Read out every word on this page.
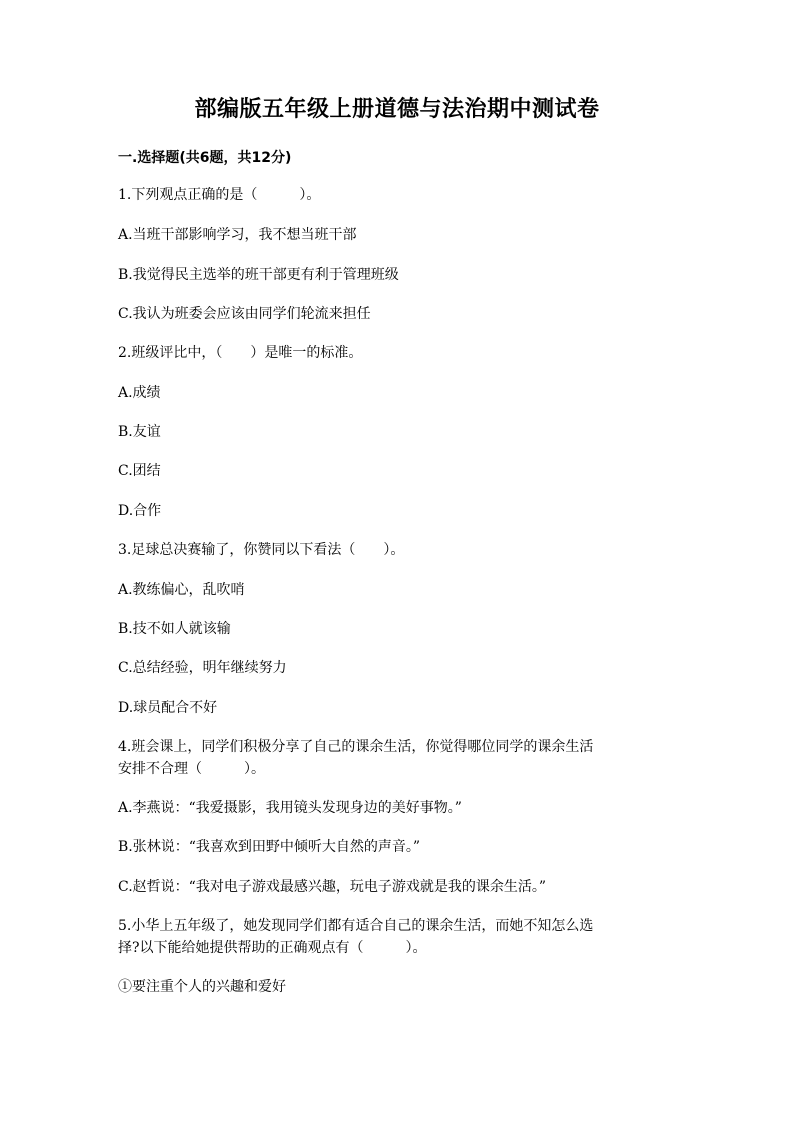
部编版五年级上册道德与法治期中测试卷
一.选择题(共6题，共12分)
1.下列观点正确的是（　　　）。
A.当班干部影响学习，我不想当班干部
B.我觉得民主选举的班干部更有利于管理班级
C.我认为班委会应该由同学们轮流来担任
2.班级评比中，（　　）是唯一的标准。
A.成绩
B.友谊
C.团结
D.合作
3.足球总决赛输了，你赞同以下看法（　　）。
A.教练偏心，乱吹哨
B.技不如人就该输
C.总结经验，明年继续努力
D.球员配合不好
4.班会课上，同学们积极分享了自己的课余生活，你觉得哪位同学的课余生活
安排不合理（　　　）。
A.李燕说：“我爱摄影，我用镜头发现身边的美好事物。”
B.张林说：“我喜欢到田野中倾听大自然的声音。”
C.赵哲说：“我对电子游戏最感兴趣，玩电子游戏就是我的课余生活。”
5.小华上五年级了，她发现同学们都有适合自己的课余生活，而她不知怎么选
择?以下能给她提供帮助的正确观点有（　　　）。
①要注重个人的兴趣和爱好
